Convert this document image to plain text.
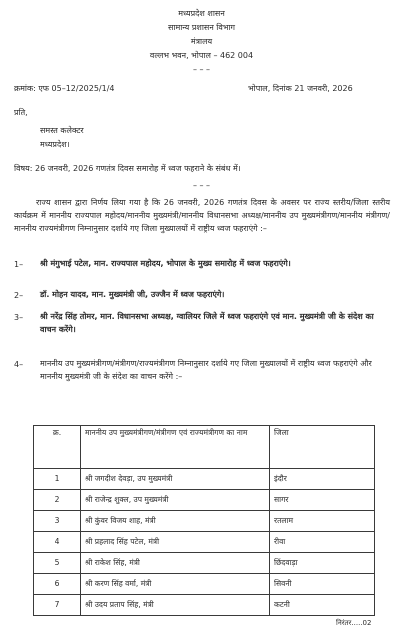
मध्यप्रदेश शासन
सामान्य प्रशासन विभाग
मंत्रालय
वल्लभ भवन, भोपाल – 462 004
– – –
क्रमांक: एफ 05–12/2025/1/4	भोपाल, दिनांक 21 जनवरी, 2026
प्रति,
समस्त कलेक्टर
मध्यप्रदेश।
विषय: 26 जनवरी, 2026 गणतंत्र दिवस समारोह में ध्वज फहराने के संबंध में।
– – –
राज्य शासन द्वारा निर्णय लिया गया है कि 26 जनवरी, 2026 गणतंत्र दिवस के अवसर पर राज्य स्तरीय/जिला स्तरीय कार्यक्रम में माननीय राज्यपाल महोदय/माननीय मुख्यमंत्री/माननीय विधानसभा अध्यक्ष/माननीय उप मुख्यमंत्रीगण/माननीय मंत्रीगण/माननीय राज्यमंत्रीगण निम्नानुसार दर्शाये गए जिला मुख्यालयों में राष्ट्रीय ध्वज फहराएंगे :–
1– श्री मंगुभाई पटेल, मान. राज्यपाल महोदय, भोपाल के मुख्य समारोह में ध्वज फहराएंगे।
2– डॉ. मोहन यादव, मान. मुख्यमंत्री जी, उज्जैन में ध्वज फहराएंगे।
3– श्री नरेंद्र सिंह तोमर, मान. विधानसभा अध्यक्ष, ग्वालियर जिले में ध्वज फहराएंगे एवं मान. मुख्यमंत्री जी के संदेश का वाचन करेंगे।
4– माननीय उप मुख्यमंत्रीगण/मंत्रीगण/राज्यमंत्रीगण निम्नानुसार दर्शाये गए जिला मुख्यालयों में राष्ट्रीय ध्वज फहराएंगे और माननीय मुख्यमंत्री जी के संदेश का वाचन करेंगे :–
क्र.	माननीय उप मुख्यमंत्रीगण/मंत्रीगण एवं राज्यमंत्रीगण का नाम	जिला
1	श्री जगदीश देवड़ा, उप मुख्यमंत्री	इंदौर
2	श्री राजेन्द्र शुक्ल, उप मुख्यमंत्री	सागर
3	श्री कुंवर विजय शाह, मंत्री	रतलाम
4	श्री प्रहलाद सिंह पटेल, मंत्री	रीवा
5	श्री राकेश सिंह, मंत्री	छिंदवाड़ा
6	श्री करण सिंह वर्मा, मंत्री	सिवनी
7	श्री उदय प्रताप सिंह, मंत्री	कटनी
निरंतर.....02
